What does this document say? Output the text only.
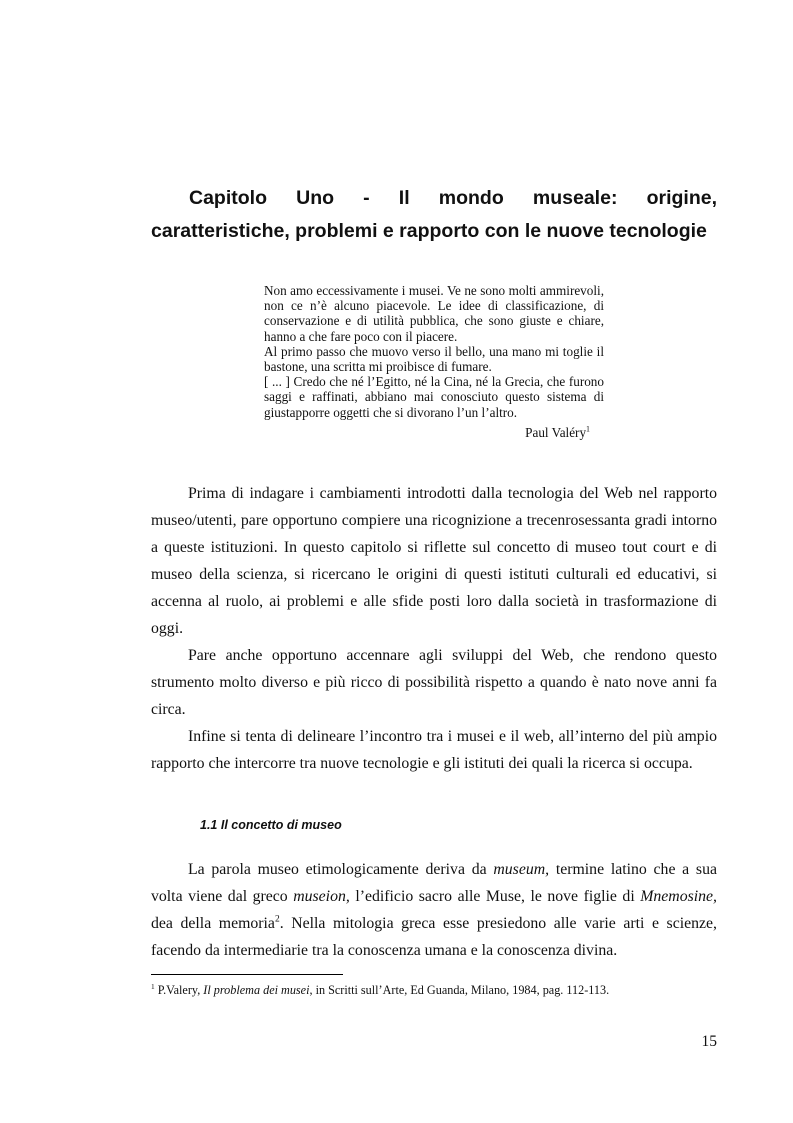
Capitolo Uno - Il mondo museale: origine, caratteristiche, problemi e rapporto con le nuove tecnologie

Non amo eccessivamente i musei. Ve ne sono molti ammirevoli, non ce n’è alcuno piacevole. Le idee di classificazione, di conservazione e di utilità pubblica, che sono giuste e chiare, hanno a che fare poco con il piacere.

Al primo passo che muovo verso il bello, una mano mi toglie il bastone, una scritta mi proibisce di fumare.

[ ... ] Credo che né l’Egitto, né la Cina, né la Grecia, che furono saggi e raffinati, abbiano mai conosciuto questo sistema di giustapporre oggetti che si divorano l’un l’altro.

Paul Valéry$^1$

Prima di indagare i cambiamenti introdotti dalla tecnologia del Web nel rapporto museo/utenti, pare opportuno compiere una ricognizione a trecenrosessanta gradi intorno a queste istituzioni. In questo capitolo si riflette sul concetto di museo tout court e di museo della scienza, si ricercano le origini di questi istituti culturali ed educativi, si accenna al ruolo, ai problemi e alle sfide posti loro dalla società in trasformazione di oggi.

Pare anche opportuno accennare agli sviluppi del Web, che rendono questo strumento molto diverso e più ricco di possibilità rispetto a quando è nato nove anni fa circa.

Infine si tenta di delineare l’incontro tra i musei e il web, all’interno del più ampio rapporto che intercorre tra nuove tecnologie e gli istituti dei quali la ricerca si occupa.

1.1 Il concetto di museo

La parola museo etimologicamente deriva da museum, termine latino che a sua volta viene dal greco museion, l’edificio sacro alle Muse, le nove figlie di Mnemosine, dea della memoria$^2$. Nella mitologia greca esse presiedono alle varie arti e scienze, facendo da intermediarie tra la conoscenza umana e la conoscenza divina.

$^1$ P.Valery, Il problema dei musei, in Scritti sull’Arte, Ed Guanda, Milano, 1984, pag. 112-113.

15
